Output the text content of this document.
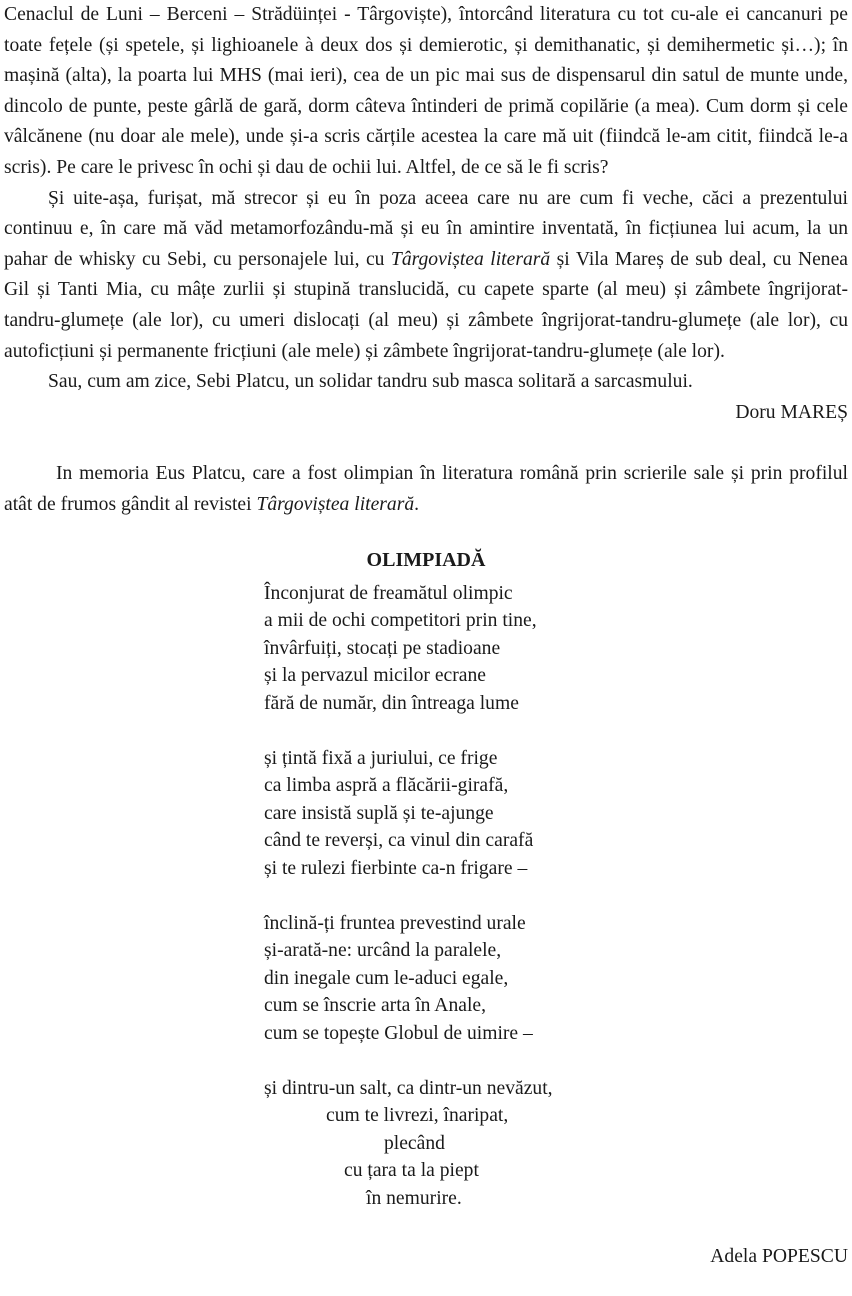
Cenaclul de Luni – Berceni – Strădüinței - Târgoviște), întorcând literatura cu tot cu-ale ei cancanuri pe toate fețele (și spetele, și lighioanele à deux dos și demierotic, și demithanatic, și demihermetic și…); în mașină (alta), la poarta lui MHS (mai ieri), cea de un pic mai sus de dispensarul din satul de munte unde, dincolo de punte, peste gârlă de gară, dorm câteva întinderi de primă copilărie (a mea). Cum dorm și cele vâlcănene (nu doar ale mele), unde și-a scris cărțile acestea la care mă uit (fiindcă le-am citit, fiindcă le-a scris). Pe care le privesc în ochi și dau de ochii lui. Altfel, de ce să le fi scris?

Și uite-așa, furișat, mă strecor și eu în poza aceea care nu are cum fi veche, căci a prezentului continuu e, în care mă văd metamorfozându-mă și eu în amintire inventată, în ficțiunea lui acum, la un pahar de whisky cu Sebi, cu personajele lui, cu Târgoviștea literară și Vila Mareș de sub deal, cu Nenea Gil și Tanti Mia, cu mâțe zurlii și stupină translucidă, cu capete sparte (al meu) și zâmbete îngrijorat-tandru-glumețe (ale lor), cu umeri dislocați (al meu) și zâmbete îngrijorat-tandru-glumețe (ale lor), cu autoficțiuni și permanente fricțiuni (ale mele) și zâmbete îngrijorat-tandru-glumețe (ale lor).

Sau, cum am zice, Sebi Platcu, un solidar tandru sub masca solitară a sarcasmului.

Doru MAREȘ

In memoria Eus Platcu, care a fost olimpian în literatura română prin scrierile sale și prin profilul atât de frumos gândit al revistei Târgoviștea literară.
OLIMPIADĂ
Înconjurat de freamătul olimpic
a mii de ochi competitori prin tine,
învârfuiți, stocați pe stadioane
și la pervazul micilor ecrane
fără de număr, din întreaga lume
și țintă fixă a juriului, ce frige
ca limba aspră a flăcării-girafă,
care insistă suplă și te-ajunge
când te reverși, ca vinul din carafă
și te rulezi fierbinte ca-n frigare –
înclină-ți fruntea prevestind urale
și-arată-ne: urcând la paralele,
din inegale cum le-aduci egale,
cum se înscrie arta în Anale,
cum se topește Globul de uimire –
și dintru-un salt, ca dintr-un nevăzut,
cum te livrezi, înaripat,
plecând
cu țara ta la piept
în nemurire.
Adela POPESCU
